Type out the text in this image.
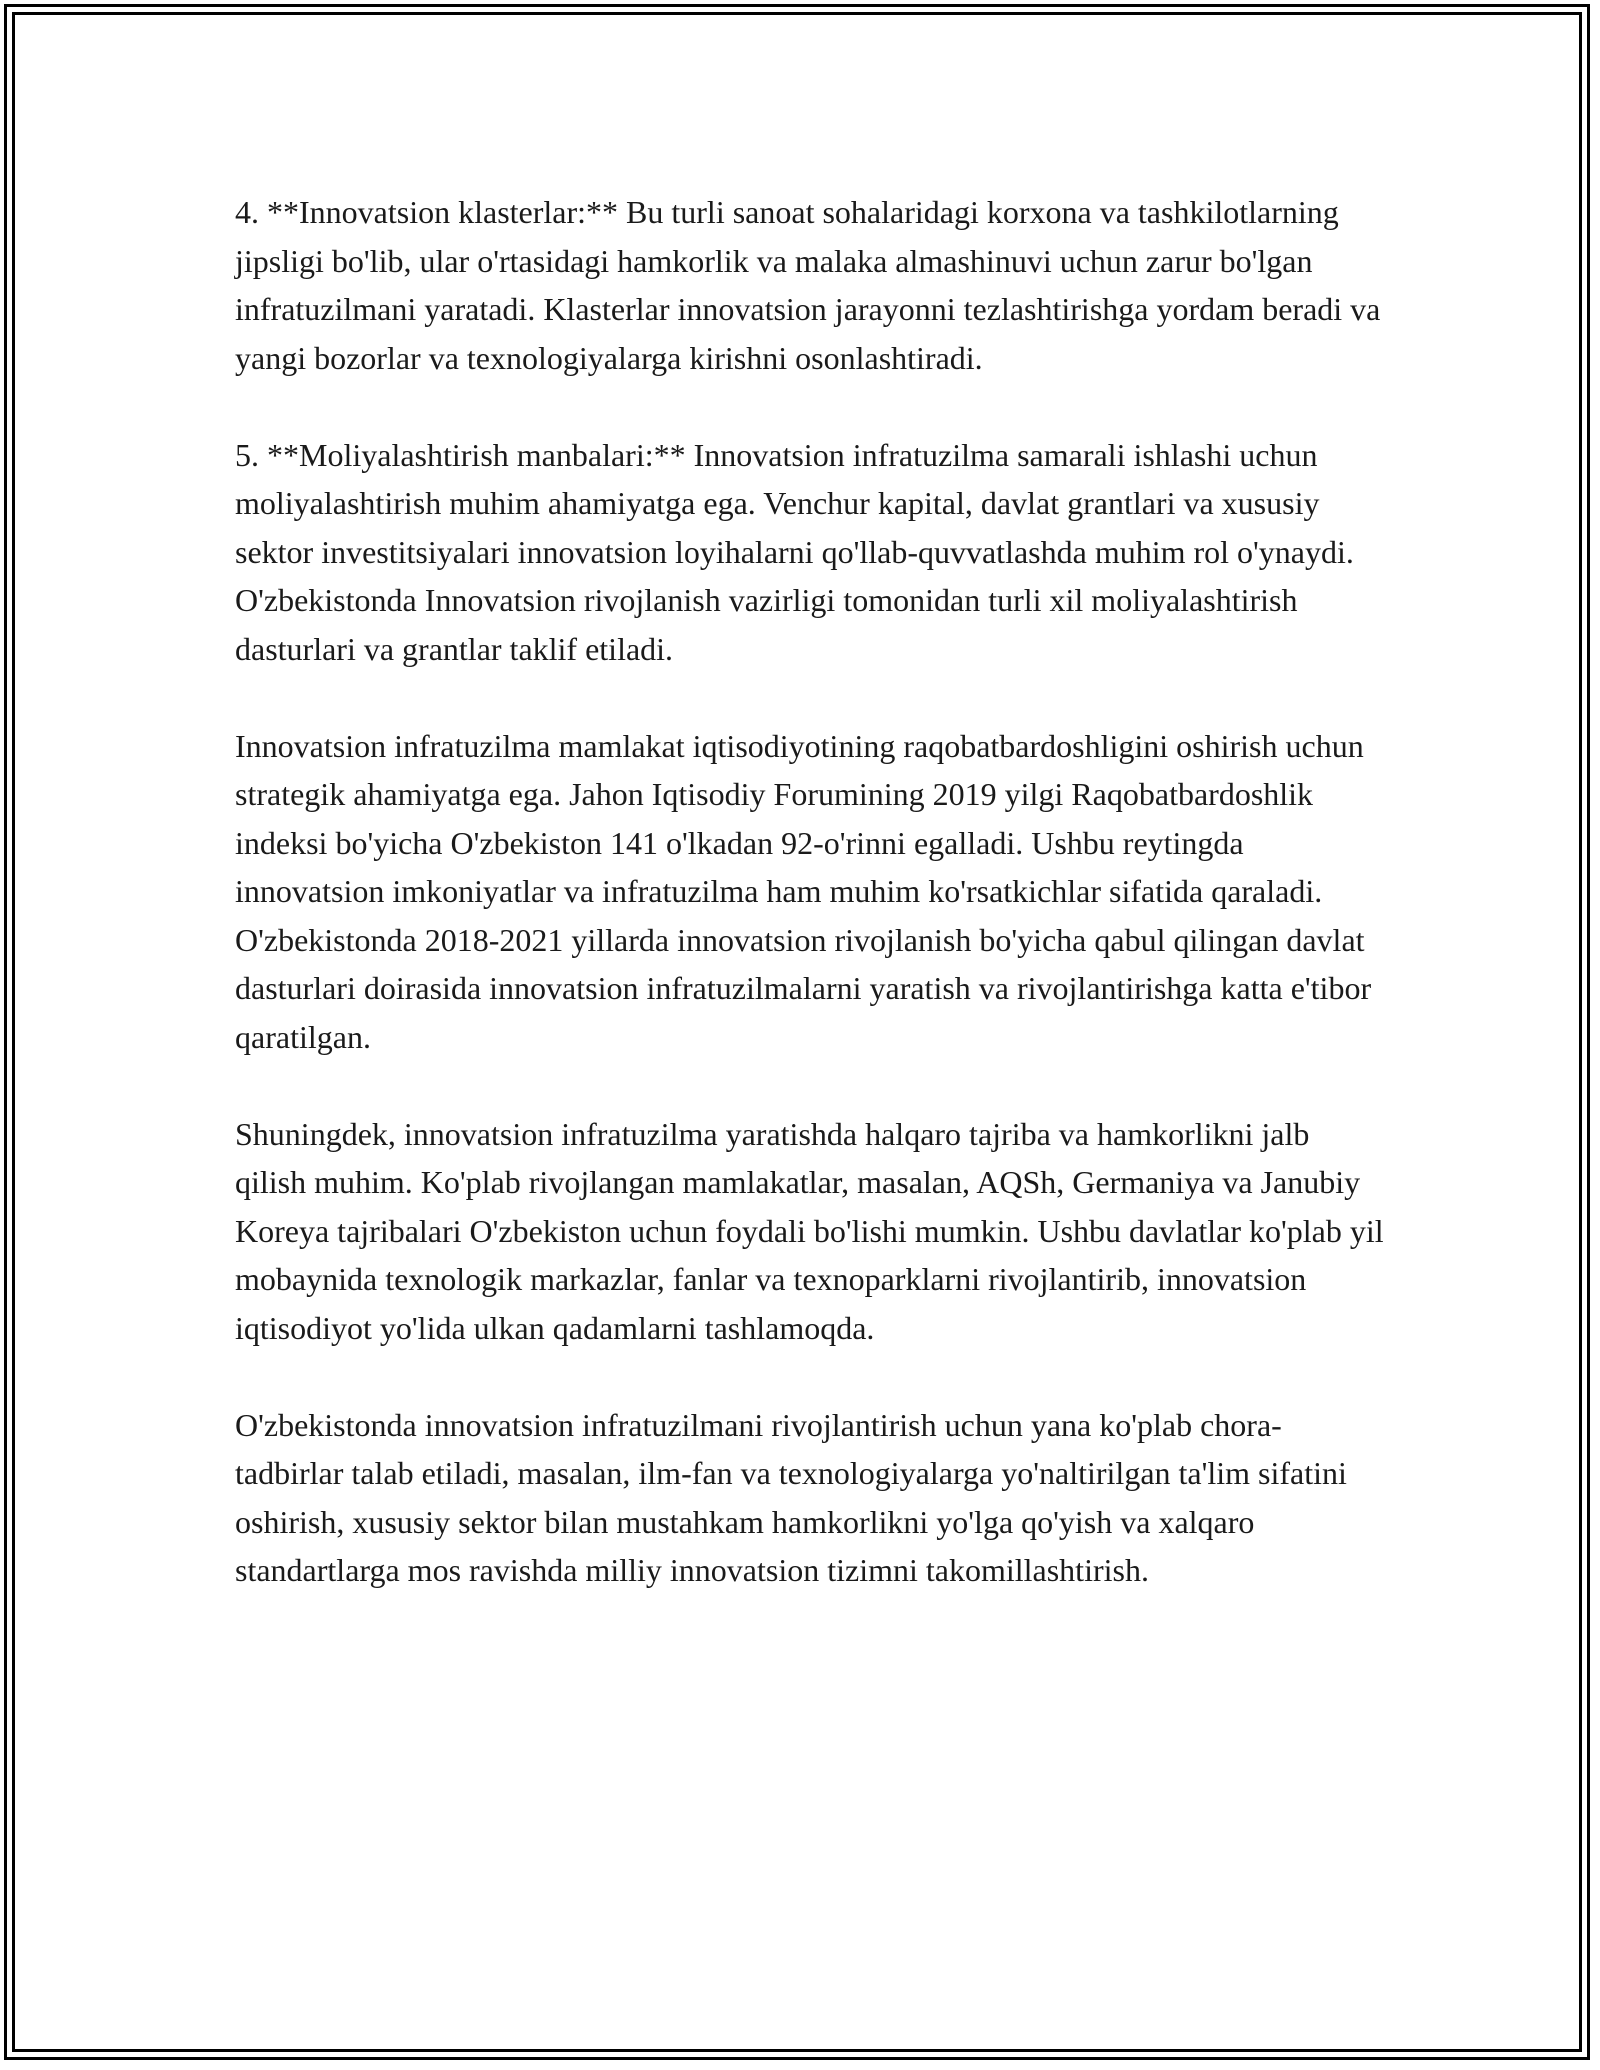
4. **Innovatsion klasterlar:** Bu turli sanoat sohalaridagi korxona va tashkilotlarning jipsligi bo'lib, ular o'rtasidagi hamkorlik va malaka almashinuvi uchun zarur bo'lgan infratuzilmani yaratadi. Klasterlar innovatsion jarayonni tezlashtirishga yordam beradi va yangi bozorlar va texnologiyalarga kirishni osonlashtiradi.

5. **Moliyalashtirish manbalari:** Innovatsion infratuzilma samarali ishlashi uchun moliyalashtirish muhim ahamiyatga ega. Venchur kapital, davlat grantlari va xususiy sektor investitsiyalari innovatsion loyihalarni qo'llab-quvvatlashda muhim rol o'ynaydi. O'zbekistonda Innovatsion rivojlanish vazirligi tomonidan turli xil moliyalashtirish dasturlari va grantlar taklif etiladi.

Innovatsion infratuzilma mamlakat iqtisodiyotining raqobatbardoshligini oshirish uchun strategik ahamiyatga ega. Jahon Iqtisodiy Forumining 2019 yilgi Raqobatbardoshlik indeksi bo'yicha O'zbekiston 141 o'lkadan 92-o'rinni egalladi. Ushbu reytingda innovatsion imkoniyatlar va infratuzilma ham muhim ko'rsatkichlar sifatida qaraladi. O'zbekistonda 2018-2021 yillarda innovatsion rivojlanish bo'yicha qabul qilingan davlat dasturlari doirasida innovatsion infratuzilmalarni yaratish va rivojlantirishga katta e'tibor qaratilgan.

Shuningdek, innovatsion infratuzilma yaratishda halqaro tajriba va hamkorlikni jalb qilish muhim. Ko'plab rivojlangan mamlakatlar, masalan, AQSh, Germaniya va Janubiy Koreya tajribalari O'zbekiston uchun foydali bo'lishi mumkin. Ushbu davlatlar ko'plab yil mobaynida texnologik markazlar, fanlar va texnoparklarni rivojlantirib, innovatsion iqtisodiyot yo'lida ulkan qadamlarni tashlamoqda.

O'zbekistonda innovatsion infratuzilmani rivojlantirish uchun yana ko'plab chora-tadbirlar talab etiladi, masalan, ilm-fan va texnologiyalarga yo'naltirilgan ta'lim sifatini oshirish, xususiy sektor bilan mustahkam hamkorlikni yo'lga qo'yish va xalqaro standartlarga mos ravishda milliy innovatsion tizimni takomillashtirish.
